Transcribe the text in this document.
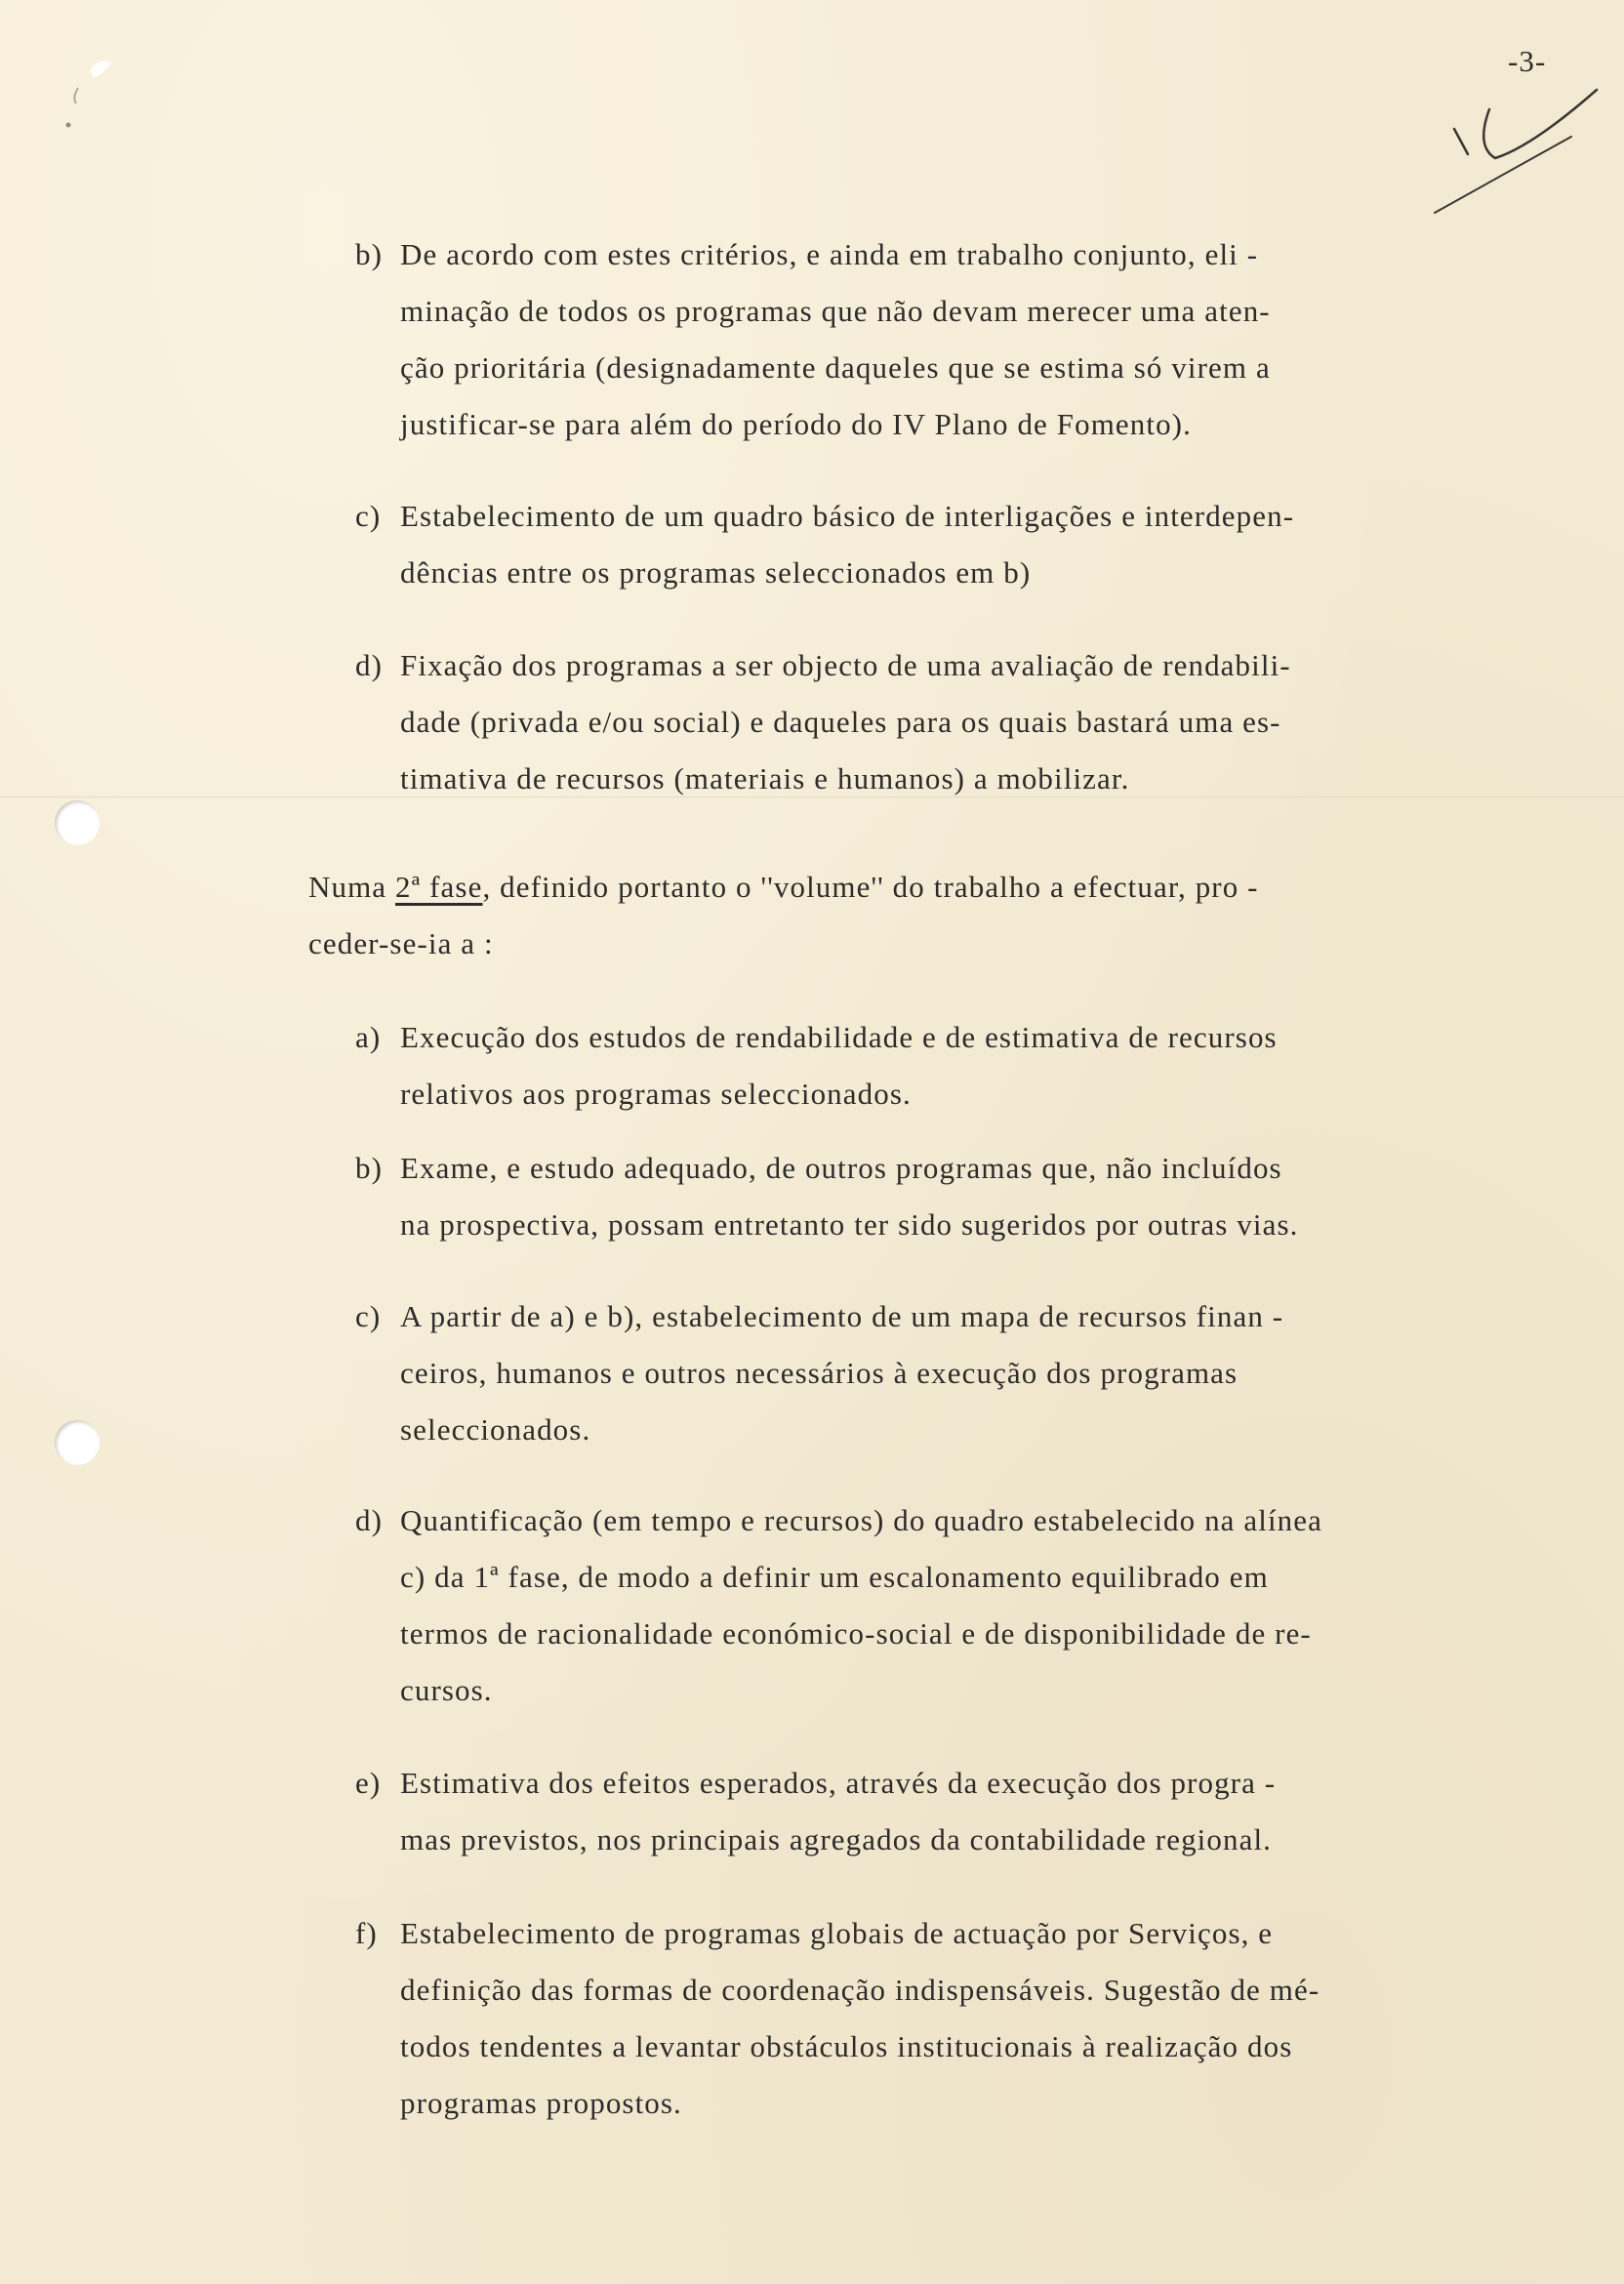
-3-
b) De acordo com estes critérios, e ainda em trabalho conjunto, eli -
minação de todos os programas que não devam merecer uma aten-
ção prioritária (designadamente daqueles que se estima só virem a
justificar-se para além do período do IV Plano de Fomento).
c) Estabelecimento de um quadro básico de interligações e interdepen-
dências entre os programas seleccionados em b)
d) Fixação dos programas a ser objecto de uma avaliação de rendabili-
dade (privada e/ou social) e daqueles para os quais bastará uma es-
timativa de recursos (materiais e humanos) a mobilizar.
Numa 2ª fase, definido portanto o ''volume'' do trabalho a efectuar, pro -
ceder-se-ia a :
a) Execução dos estudos de rendabilidade e de estimativa de recursos
relativos aos programas seleccionados.
b) Exame, e estudo adequado, de outros programas que, não incluídos
na prospectiva, possam entretanto ter sido sugeridos por outras vias.
c) A partir de a) e b), estabelecimento de um mapa de recursos finan -
ceiros, humanos e outros necessários à execução dos programas
seleccionados.
d) Quantificação (em tempo e recursos) do quadro estabelecido na alínea
c) da 1ª fase, de modo a definir um escalonamento equilibrado em
termos de racionalidade económico-social e de disponibilidade de re-
cursos.
e) Estimativa dos efeitos esperados, através da execução dos progra -
mas previstos, nos principais agregados da contabilidade regional.
f) Estabelecimento de programas globais de actuação por Serviços, e
definição das formas de coordenação indispensáveis. Sugestão de mé-
todos tendentes a levantar obstáculos institucionais à realização dos
programas propostos.
